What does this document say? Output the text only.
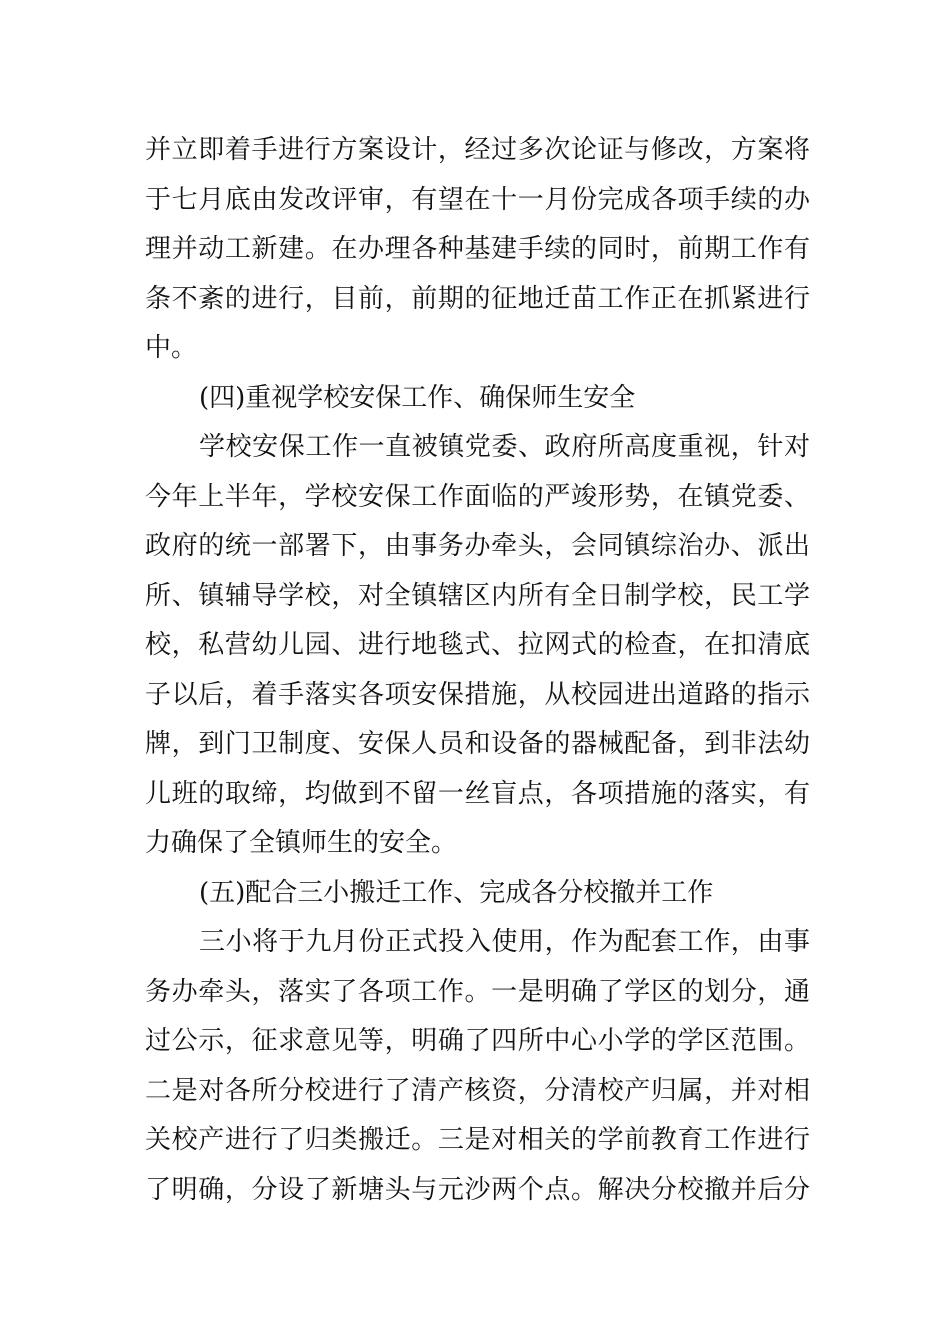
并立即着手进行方案设计，经过多次论证与修改，方案将
于七月底由发改评审，有望在十一月份完成各项手续的办
理并动工新建。在办理各种基建手续的同时，前期工作有
条不紊的进行，目前，前期的征地迁苗工作正在抓紧进行
中。
(四)重视学校安保工作、确保师生安全
学校安保工作一直被镇党委、政府所高度重视，针对
今年上半年，学校安保工作面临的严竣形势，在镇党委、
政府的统一部署下，由事务办牵头，会同镇综治办、派出
所、镇辅导学校，对全镇辖区内所有全日制学校，民工学
校，私营幼儿园、进行地毯式、拉网式的检查，在扣清底
子以后，着手落实各项安保措施，从校园进出道路的指示
牌，到门卫制度、安保人员和设备的器械配备，到非法幼
儿班的取缔，均做到不留一丝盲点，各项措施的落实，有
力确保了全镇师生的安全。
(五)配合三小搬迁工作、完成各分校撤并工作
三小将于九月份正式投入使用，作为配套工作，由事
务办牵头，落实了各项工作。一是明确了学区的划分，通
过公示，征求意见等，明确了四所中心小学的学区范围。
二是对各所分校进行了清产核资，分清校产归属，并对相
关校产进行了归类搬迁。三是对相关的学前教育工作进行
了明确，分设了新塘头与元沙两个点。解决分校撤并后分
